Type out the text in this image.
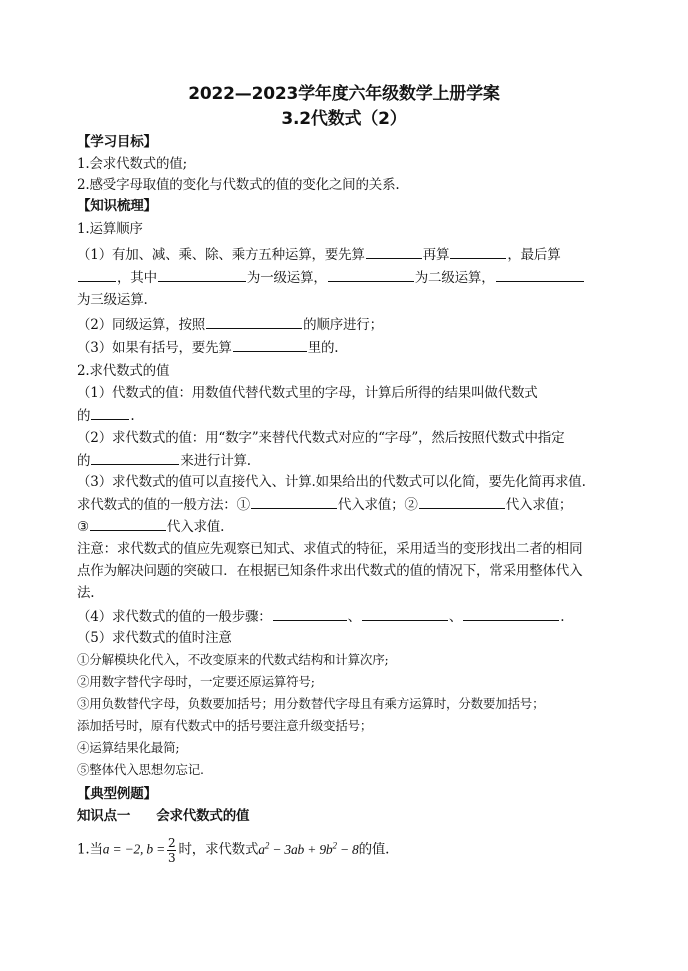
2022—2023学年度六年级数学上册学案
3.2代数式（2）
【学习目标】
1.会求代数式的值;
2.感受字母取值的变化与代数式的值的变化之间的关系.
【知识梳理】
1.运算顺序
（1）有加、减、乘、除、乘方五种运算，要先算	再算	，最后算
，其中	为一级运算，	为二级运算，
为三级运算.
（2）同级运算，按照	的顺序进行；
（3）如果有括号，要先算	里的.
2.求代数式的值
（1）代数式的值：用数值代替代数式里的字母，计算后所得的结果叫做代数式
的	.
（2）求代数式的值：用“数字”来替代代数式对应的“字母”，然后按照代数式中指定
的	来进行计算.
（3）求代数式的值可以直接代入、计算.如果给出的代数式可以化简，要先化简再求值.
求代数式的值的一般方法：①	代入求值；②	代入求值；
③	代入求值.
注意：求代数式的值应先观察已知式、求值式的特征，采用适当的变形找出二者的相同
点作为解决问题的突破口．在根据已知条件求出代数式的值的情况下，常采用整体代入
法.
（4）求代数式的值的一般步骤：	、	、	.
（5）求代数式的值时注意
①分解模块化代入，不改变原来的代数式结构和计算次序;
②用数字替代字母时，一定要还原运算符号;
③用负数替代字母，负数要加括号；用分数替代字母且有乘方运算时，分数要加括号；
添加括号时，原有代数式中的括号要注意升级变括号；
④运算结果化最简;
⑤整体代入思想勿忘记.
【典型例题】
知识点一 会求代数式的值
1.当a = −2, $b = \frac{2}{3}$ 时，求代数式$a^2 - 3ab + 9b^2 - 8$的值.
